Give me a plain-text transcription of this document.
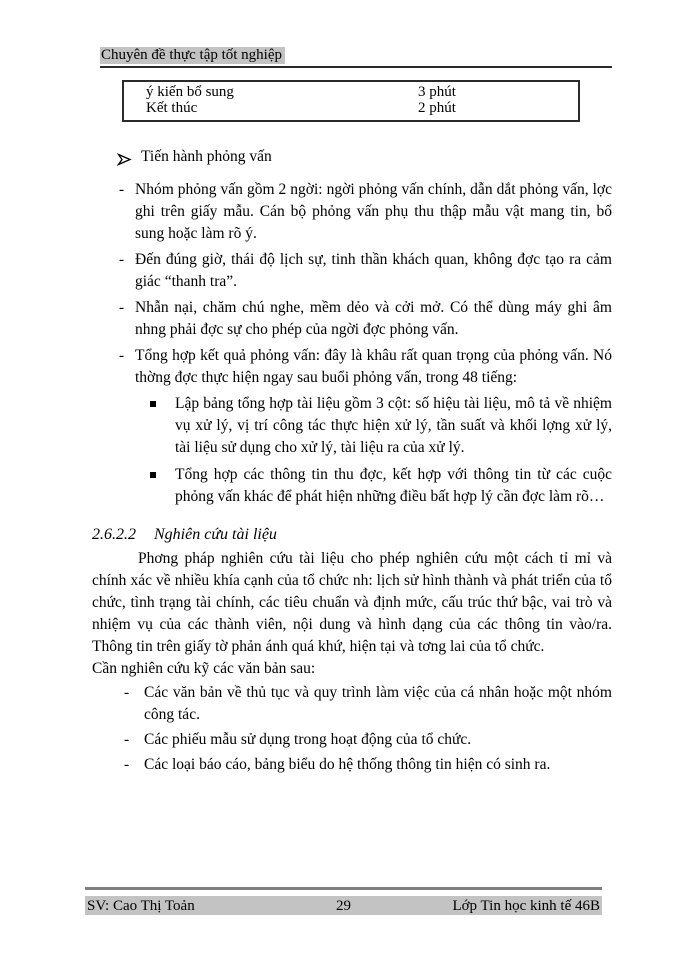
Chuyên đề thực tập tốt nghiệp
ý kiến bổ sung	3 phút
Kết thúc	2 phút
Tiến hành phỏng vấn
- Nhóm phỏng vấn gồm 2 ngời: ngời phỏng vấn chính, dẫn dắt phỏng vấn, lợc ghi trên giấy mẫu. Cán bộ phỏng vấn phụ thu thập mẫu vật mang tin, bổ sung hoặc làm rõ ý.
- Đến đúng giờ, thái độ lịch sự, tinh thần khách quan, không đợc tạo ra cảm giác “thanh tra”.
- Nhẫn nại, chăm chú nghe, mềm dẻo và cởi mở. Có thể dùng máy ghi âm nhng phải đợc sự cho phép của ngời đợc phỏng vấn.
- Tổng hợp kết quả phỏng vấn: đây là khâu rất quan trọng của phỏng vấn. Nó thờng đợc thực hiện ngay sau buổi phỏng vấn, trong 48 tiếng:
Lập bảng tổng hợp tài liệu gồm 3 cột: số hiệu tài liệu, mô tả về nhiệm vụ xử lý, vị trí công tác thực hiện xử lý, tần suất và khối lợng xử lý, tài liệu sử dụng cho xử lý, tài liệu ra của xử lý.
Tổng hợp các thông tin thu đợc, kết hợp với thông tin từ các cuộc phỏng vấn khác để phát hiện những điều bất hợp lý cần đợc làm rõ…
2.6.2.2 Nghiên cứu tài liệu

Phơng pháp nghiên cứu tài liệu cho phép nghiên cứu một cách tỉ mỉ và chính xác về nhiều khía cạnh của tổ chức nh: lịch sử hình thành và phát triển của tổ chức, tình trạng tài chính, các tiêu chuẩn và định mức, cấu trúc thứ bậc, vai trò và nhiệm vụ của các thành viên, nội dung và hình dạng của các thông tin vào/ra. Thông tin trên giấy tờ phản ánh quá khứ, hiện tại và tơng lai của tổ chức.

Cần nghiên cứu kỹ các văn bản sau:

- Các văn bản về thủ tục và quy trình làm việc của cá nhân hoặc một nhóm công tác.
- Các phiếu mẫu sử dụng trong hoạt động của tổ chức.
- Các loại báo cáo, bảng biểu do hệ thống thông tin hiện có sinh ra.
SV: Cao Thị Toản	29	Lớp Tin học kinh tế 46B
